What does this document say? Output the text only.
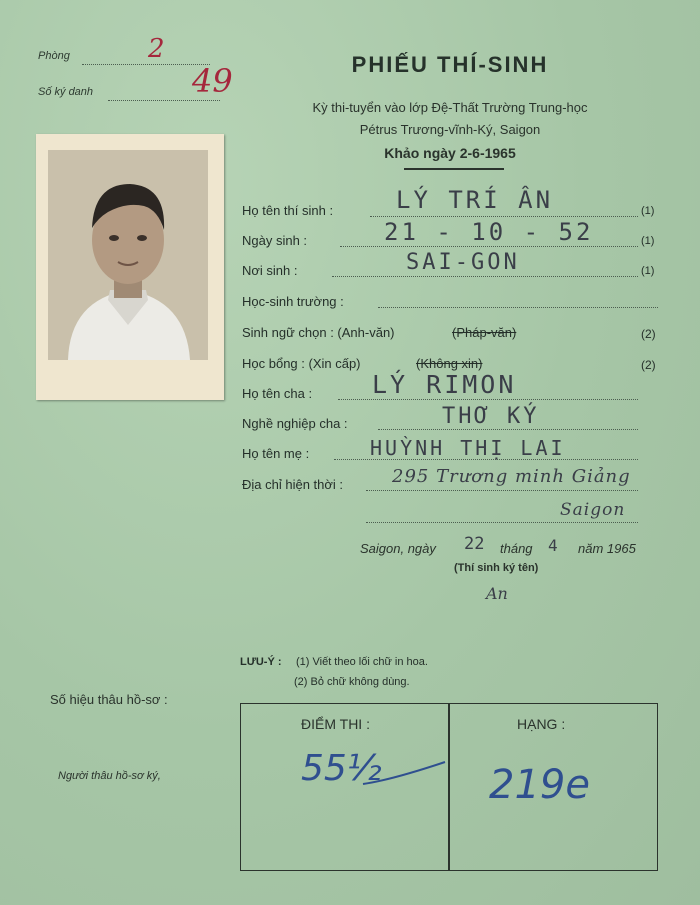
Phòng	2
Số ký danh	49	PHIẾU THÍ-SINH
Kỳ thi-tuyển vào lớp Đệ-Thất Trường Trung-học
Pétrus Trương-vĩnh-Ký, Saigon
Khảo ngày 2-6-1965
Họ tên thí sinh :	LÝ TRÍ ÂN	(1)
Ngày sinh :	21 - 10 - 52	(1)
Nơi sinh :	SAI-GON	(1)
Học-sinh trường :
Sinh ngữ chọn : (Anh-văn)	(Pháp-văn)	(2)
Học bổng : (Xin cấp)	(Không xin)	(2)
Họ tên cha : LÝ RIMON
Nghề nghiệp cha :	THƠ KÝ
Họ tên mẹ :	HUỲNH THỊ LAI
Địa chỉ hiện thời :	295 Trương minh Giảng
Saigon
Saigon, ngày 22 tháng 4 năm 1965
(Thí sinh ký tên)
An
LƯU-Ý : (1) Viết theo lối chữ in hoa.
(2) Bỏ chữ không dùng.
Số hiệu thâu hồ-sơ :
Người thâu hồ-sơ ký,
ĐIỂM THI :
55½
HẠNG :
219e
